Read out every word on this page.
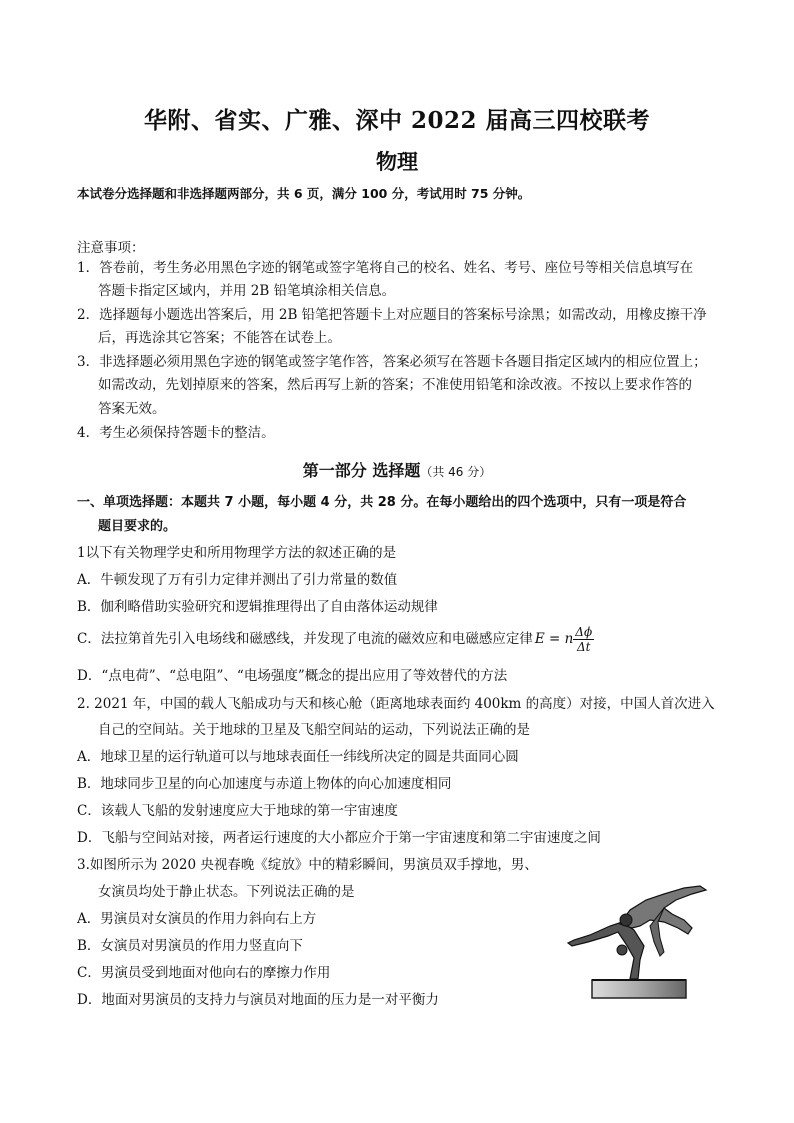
华附、省实、广雅、深中 2022 届高三四校联考
物理
本试卷分选择题和非选择题两部分，共 6 页，满分 100 分，考试用时 75 分钟。
注意事项：
1．答卷前，考生务必用黑色字迹的钢笔或签字笔将自己的校名、姓名、考号、座位号等相关信息填写在
答题卡指定区域内，并用 2B 铅笔填涂相关信息。
2．选择题每小题选出答案后，用 2B 铅笔把答题卡上对应题目的答案标号涂黑；如需改动，用橡皮擦干净
后，再选涂其它答案；不能答在试卷上。
3．非选择题必须用黑色字迹的钢笔或签字笔作答，答案必须写在答题卡各题目指定区域内的相应位置上；
如需改动，先划掉原来的答案，然后再写上新的答案；不准使用铅笔和涂改液。不按以上要求作答的
答案无效。
4．考生必须保持答题卡的整洁。
第一部分 选择题（共 46 分）
一、单项选择题：本题共 7 小题，每小题 4 分，共 28 分。在每小题给出的四个选项中，只有一项是符合
题目要求的。
1以下有关物理学史和所用物理学方法的叙述正确的是
A．牛顿发现了万有引力定律并测出了引力常量的数值
B．伽利略借助实验研究和逻辑推理得出了自由落体运动规律
C．法拉第首先引入电场线和磁感线，并发现了电流的磁效应和电磁感应定律 E = n $\frac{\Delta\phi}{\Delta t}$
D．“点电荷”、“总电阻”、“电场强度”概念的提出应用了等效替代的方法
2. 2021 年，中国的载人飞船成功与天和核心舱（距离地球表面约 400km 的高度）对接，中国人首次进入
自己的空间站。关于地球的卫星及飞船空间站的运动，下列说法正确的是
A．地球卫星的运行轨道可以与地球表面任一纬线所决定的圆是共面同心圆
B．地球同步卫星的向心加速度与赤道上物体的向心加速度相同
C．该载人飞船的发射速度应大于地球的第一宇宙速度
D．飞船与空间站对接，两者运行速度的大小都应介于第一宇宙速度和第二宇宙速度之间
3.如图所示为 2020 央视春晚《绽放》中的精彩瞬间，男演员双手撑地，男、
女演员均处于静止状态。下列说法正确的是
A．男演员对女演员的作用力斜向右上方
B．女演员对男演员的作用力竖直向下
C．男演员受到地面对他向右的摩擦力作用
D．地面对男演员的支持力与演员对地面的压力是一对平衡力
